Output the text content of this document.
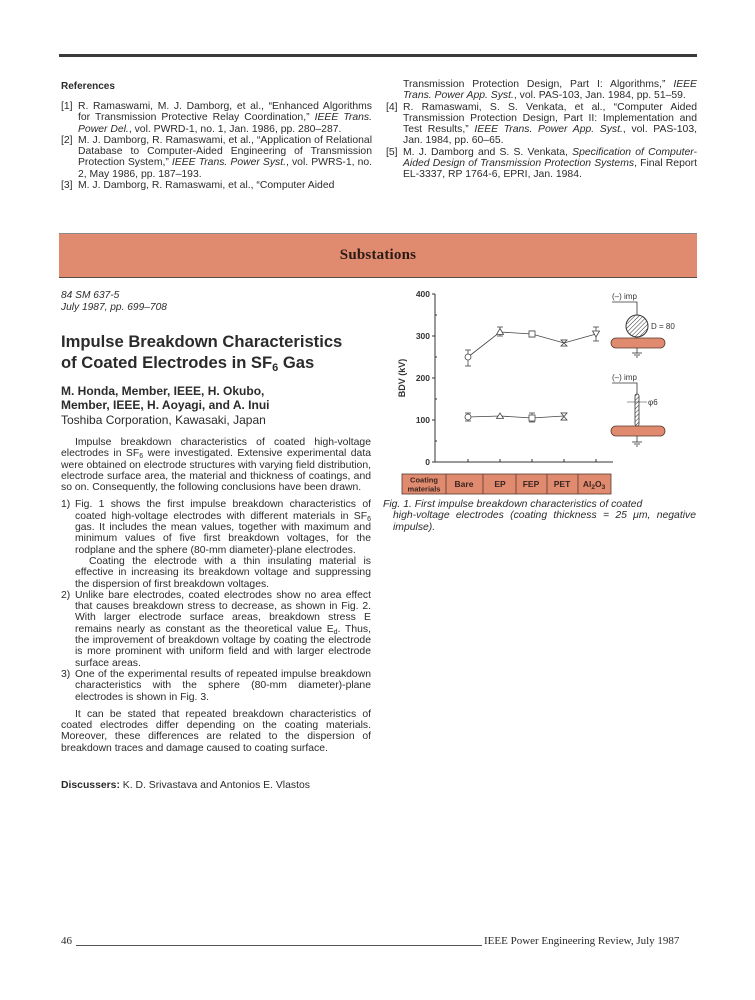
References
[1] R. Ramaswami, M. J. Damborg, et al., “Enhanced Algorithms for Transmission Protective Relay Coordination,” IEEE Trans. Power Del., vol. PWRD-1, no. 1, Jan. 1986, pp. 280–287.
[2] M. J. Damborg, R. Ramaswami, et al., “Application of Relational Database to Computer-Aided Engineering of Transmission Protection System,” IEEE Trans. Power Syst., vol. PWRS-1, no. 2, May 1986, pp. 187–193.
[3] M. J. Damborg, R. Ramaswami, et al., “Computer Aided
Transmission Protection Design, Part I: Algorithms,” IEEE Trans. Power App. Syst., vol. PAS-103, Jan. 1984, pp. 51–59.
[4] R. Ramaswami, S. S. Venkata, et al., “Computer Aided Transmission Protection Design, Part II: Implementation and Test Results,” IEEE Trans. Power App. Syst., vol. PAS-103, Jan. 1984, pp. 60–65.
[5] M. J. Damborg and S. S. Venkata, Specification of Computer-Aided Design of Transmission Protection Systems, Final Report EL-3337, RP 1764-6, EPRI, Jan. 1984.
Substations
84 SM 637-5
July 1987, pp. 699–708
Impulse Breakdown Characteristics
of Coated Electrodes in $SF_6$ Gas
M. Honda, Member, IEEE, H. Okubo,
Member, IEEE, H. Aoyagi, and A. Inui
Toshiba Corporation, Kawasaki, Japan

Impulse breakdown characteristics of coated high-voltage electrodes in $SF_6$ were investigated. Extensive experimental data were obtained on electrode structures with varying field distribution, electrode surface area, the material and thickness of coatings, and so on. Consequently, the following conclusions have been drawn.

1) Fig. 1 shows the first impulse breakdown characteristics of coated high-voltage electrodes with different materials in $SF_6$ gas. It includes the mean values, together with maximum and minimum values of five first breakdown voltages, for the rodplane and the sphere (80-mm diameter)-plane electrodes.

Coating the electrode with a thin insulating material is effective in increasing its breakdown voltage and suppressing the dispersion of first breakdown voltages.

2) Unlike bare electrodes, coated electrodes show no area effect that causes breakdown stress to decrease, as shown in Fig. 2. With larger electrode surface areas, breakdown stress E remains nearly as constant as the theoretical value $E_d$. Thus, the improvement of breakdown voltage by coating the electrode is more prominent with uniform field and with larger electrode surface areas.

3) One of the experimental results of repeated impulse breakdown characteristics with the sphere (80-mm diameter)-plane electrodes is shown in Fig. 3.

It can be stated that repeated breakdown characteristics of coated electrodes differ depending on the coating materials. Moreover, these differences are related to the dispersion of breakdown traces and damage caused to coating surface.

Discussers: K. D. Srivastava and Antonios E. Vlastos
400
300
200
100
0
BDV (kV)
Coating
materials Bare EP FEP PET $Al_2O_3$
(–) imp
D = 80
(–) imp
φ6
Fig. 1. First impulse breakdown characteristics of coated
high-voltage electrodes (coating thickness = 25 μm, negative impulse).
46	IEEE Power Engineering Review, July 1987
